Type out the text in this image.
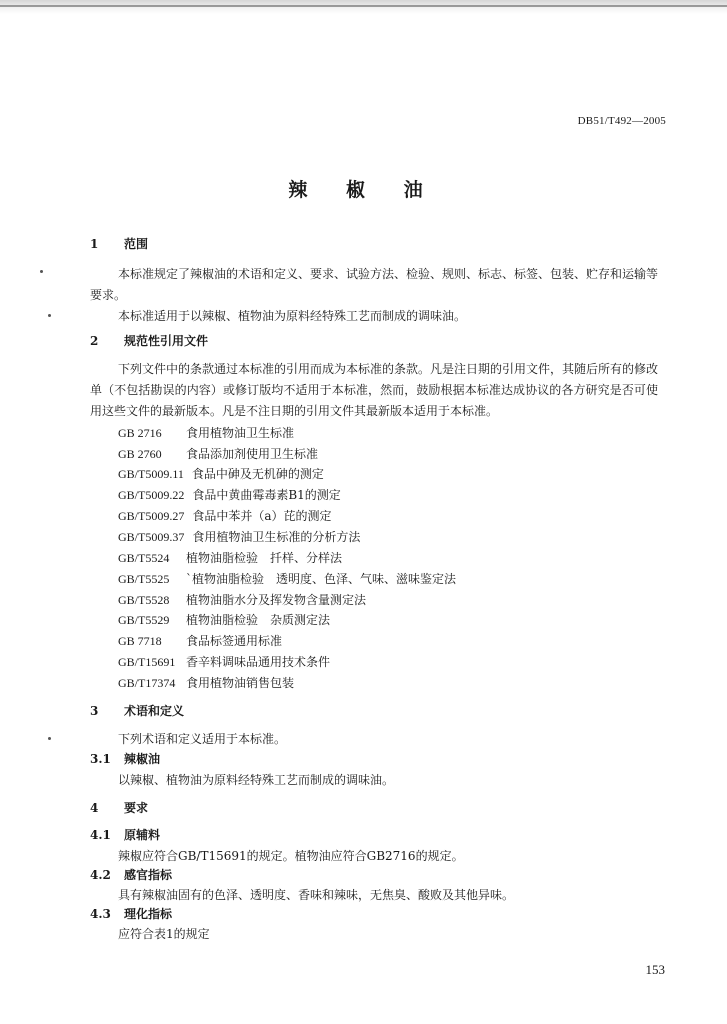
DB51/T492—2005
辣 椒 油
1 范围
本标准规定了辣椒油的术语和定义、要求、试验方法、检验、规则、标志、标签、包装、贮存和运输等要求。
本标准适用于以辣椒、植物油为原料经特殊工艺而制成的调味油。
2 规范性引用文件
下列文件中的条款通过本标准的引用而成为本标准的条款。凡是注日期的引用文件，其随后所有的修改单（不包括勘误的内容）或修订版均不适用于本标准，然而，鼓励根据本标准达成协议的各方研究是否可使用这些文件的最新版本。凡是不注日期的引用文件其最新版本适用于本标准。
GB 2716 食用植物油卫生标准
GB 2760 食品添加剂使用卫生标准
GB/T5009.11 食品中砷及无机砷的测定
GB/T5009.22 食品中黄曲霉毒素B1的测定
GB/T5009.27 食品中苯并（a）芘的测定
GB/T5009.37 食用植物油卫生标准的分析方法
GB/T5524 植物油脂检验　扦样、分样法
GB/T5525 `植物油脂检验　透明度、色泽、气味、滋味鉴定法
GB/T5528 植物油脂水分及挥发物含量测定法
GB/T5529 植物油脂检验　杂质测定法
GB 7718 食品标签通用标准
GB/T15691 香辛料调味品通用技术条件
GB/T17374 食用植物油销售包装
3 术语和定义
下列术语和定义适用于本标准。
3.1 辣椒油
以辣椒、植物油为原料经特殊工艺而制成的调味油。
4 要求
4.1 原辅料
辣椒应符合GB/T15691的规定。植物油应符合GB2716的规定。
4.2 感官指标
具有辣椒油固有的色泽、透明度、香味和辣味，无焦臭、酸败及其他异味。
4.3 理化指标
应符合表1的规定
153
